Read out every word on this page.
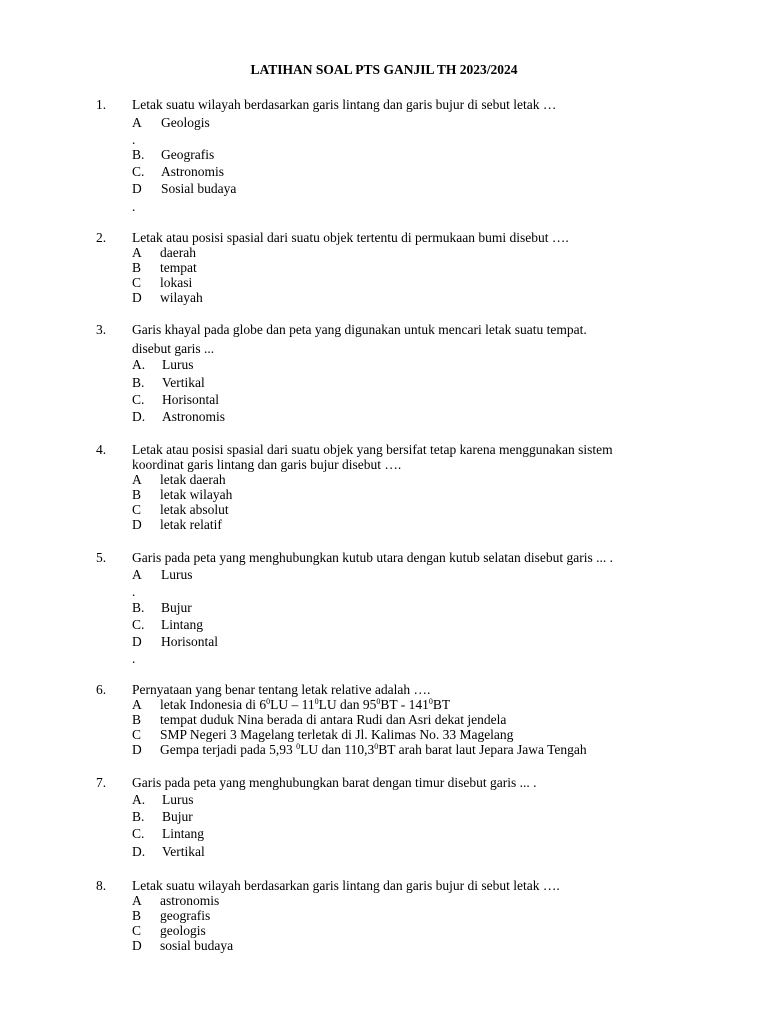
LATIHAN SOAL PTS GANJIL TH 2023/2024
1. Letak suatu wilayah berdasarkan garis lintang dan garis bujur di sebut letak …
A Geologis
.
B. Geografis
C. Astronomis
D Sosial budaya
.
2. Letak atau posisi spasial dari suatu objek tertentu di permukaan bumi disebut ….
A daerah
B tempat
C lokasi
D wilayah
3. Garis khayal pada globe dan peta yang digunakan untuk mencari letak suatu tempat.
disebut garis ...
A. Lurus
B. Vertikal
C. Horisontal
D. Astronomis
4. Letak atau posisi spasial dari suatu objek yang bersifat tetap karena menggunakan sistem
koordinat garis lintang dan garis bujur disebut ….
A letak daerah
B letak wilayah
C letak absolut
D letak relatif
5. Garis pada peta yang menghubungkan kutub utara dengan kutub selatan disebut garis ... .
A Lurus
.
B. Bujur
C. Lintang
D Horisontal
.
6. Pernyataan yang benar tentang letak relative adalah ….
A letak Indonesia di $6^0LU - 11^0LU$ dan $95^0BT - 141^0BT$
B tempat duduk Nina berada di antara Rudi dan Asri dekat jendela
C SMP Negeri 3 Magelang terletak di Jl. Kalimas No. 33 Magelang
D Gempa terjadi pada 5,93 $^0$LU dan 110,3$^0$BT arah barat laut Jepara Jawa Tengah
7. Garis pada peta yang menghubungkan barat dengan timur disebut garis ... .
A. Lurus
B. Bujur
C. Lintang
D. Vertikal
8. Letak suatu wilayah berdasarkan garis lintang dan garis bujur di sebut letak ….
A astronomis
B geografis
C geologis
D sosial budaya
